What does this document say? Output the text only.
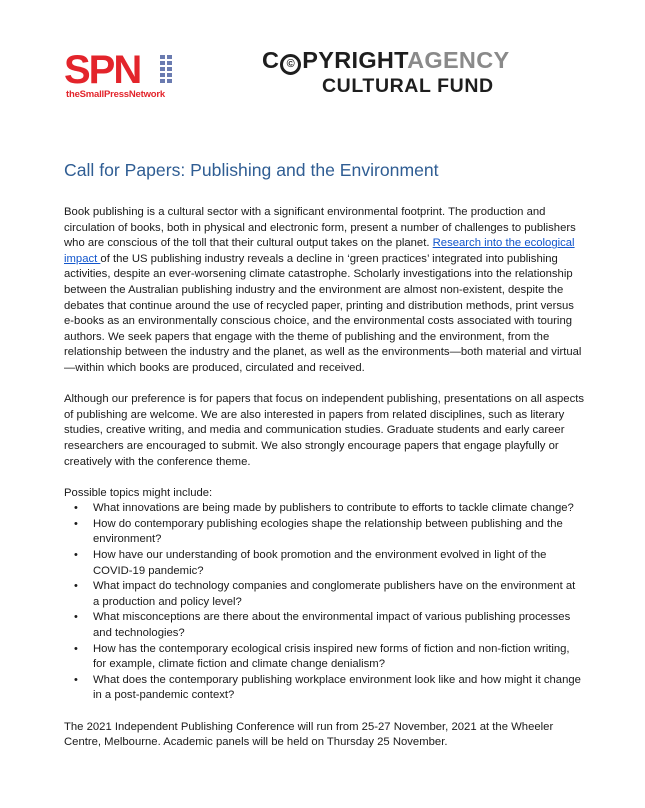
SPN
theSmallPressNetwork
C © PYRIGHTAGENCY
CULTURAL FUND
Call for Papers: Publishing and the Environment

Book publishing is a cultural sector with a significant environmental footprint. The production and circulation of books, both in physical and electronic form, present a number of challenges to publishers who are conscious of the toll that their cultural output takes on the planet. Research into the ecological impact of the US publishing industry reveals a decline in ‘green practices’ integrated into publishing activities, despite an ever-worsening climate catastrophe. Scholarly investigations into the relationship between the Australian publishing industry and the environment are almost non-existent, despite the debates that continue around the use of recycled paper, printing and distribution methods, print versus e-books as an environmentally conscious choice, and the environmental costs associated with touring authors. We seek papers that engage with the theme of publishing and the environment, from the relationship between the industry and the planet, as well as the environments—both material and virtual—within which books are produced, circulated and received.

Although our preference is for papers that focus on independent publishing, presentations on all aspects of publishing are welcome. We are also interested in papers from related disciplines, such as literary studies, creative writing, and media and communication studies. Graduate students and early career researchers are encouraged to submit. We also strongly encourage papers that engage playfully or creatively with the conference theme.

Possible topics might include:

• What innovations are being made by publishers to contribute to efforts to tackle climate change?
• How do contemporary publishing ecologies shape the relationship between publishing and the environment?
• How have our understanding of book promotion and the environment evolved in light of the COVID-19 pandemic?
• What impact do technology companies and conglomerate publishers have on the environment at a production and policy level?
• What misconceptions are there about the environmental impact of various publishing processes and technologies?
• How has the contemporary ecological crisis inspired new forms of fiction and non-fiction writing, for example, climate fiction and climate change denialism?
• What does the contemporary publishing workplace environment look like and how might it change in a post-pandemic context?

The 2021 Independent Publishing Conference will run from 25-27 November, 2021 at the Wheeler Centre, Melbourne. Academic panels will be held on Thursday 25 November.
